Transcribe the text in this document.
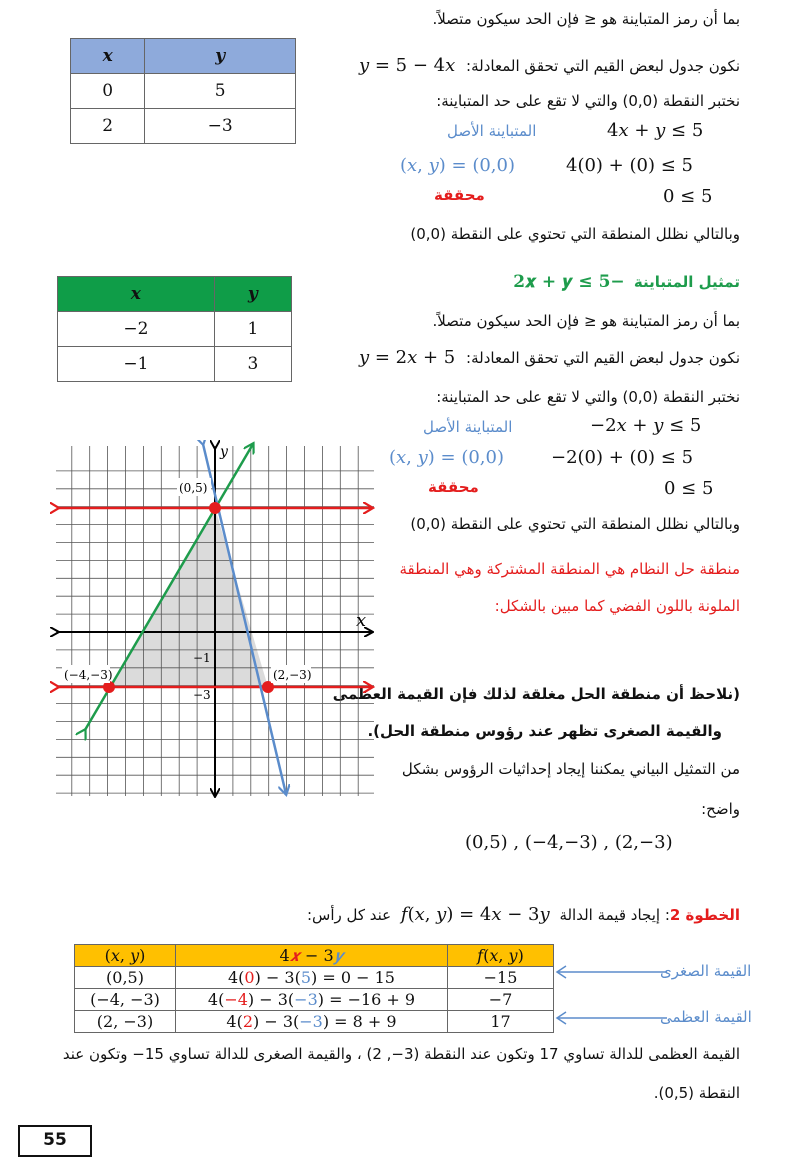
𝒙	𝒚
0	5
2	−3
بما أن رمز المتباينة هو ≤ فإن الحد سيكون متصلاً.
نكون جدول لبعض القيم التي تحقق المعادلة: 𝑦 = 5 − 4𝑥
نختبر النقطة (0,0) والتي لا تقع على حد المتباينة:
المتباينة الأصل	4𝑥 + 𝑦 ≤ 5
(𝑥, 𝑦) = (0,0)	4(0) + (0) ≤ 5
محققة	0 ≤ 5
وبالتالي نظلل المنطقة التي تحتوي على النقطة (0,0)
𝒙	𝒚
−2	1
−1	3
تمثيل المتباينة −2𝒙 + 𝒚 ≤ 𝟓
بما أن رمز المتباينة هو ≤ فإن الحد سيكون متصلاً.
نكون جدول لبعض القيم التي تحقق المعادلة: 𝑦 = 2𝑥 + 5
نختبر النقطة (0,0) والتي لا تقع على حد المتباينة:
المتباينة الأصل	−2𝑥 + 𝑦 ≤ 5
(𝑥, 𝑦) = (0,0)	−2(0) + (0) ≤ 5
محققة	0 ≤ 5
وبالتالي نظلل المنطقة التي تحتوي على النقطة (0,0)
منطقة حل النظام هي المنطقة المشتركة وهي المنطقة
الملونة باللون الفضي كما مبين بالشكل:
(نلاحظ أن منطقة الحل مغلقة لذلك فإن القيمة العظمى
والقيمة الصغرى تظهر عند رؤوس منطقة الحل).
من التمثيل البياني يمكننا إيجاد إحداثيات الرؤوس بشكل
واضح:
(0,5) , (−4,−3) , (2,−3)
(0,5)
(−4,−3)	(2,−3)
−1
−3
𝑥
𝑦
الخطوة 2: إيجاد قيمة الدالة 𝑓(𝑥, 𝑦) = 4𝑥 − 3𝑦 عند كل رأس:
(𝑥, 𝑦)	4𝒙 − 3𝒚	𝑓(𝑥, 𝑦)
(0,5)	4(0) − 3(5) = 0 − 15	−15
(−4, −3)	4(−4) − 3(−3) = −16 + 9	−7
(2, −3)	4(2) − 3(−3) = 8 + 9	17
القيمة الصغرى
القيمة العظمى
القيمة العظمى للدالة تساوي 17 وتكون عند النقطة (3−, 2) ، والقيمة الصغرى للدالة تساوي 15− وتكون عند
النقطة (0,5).
55
